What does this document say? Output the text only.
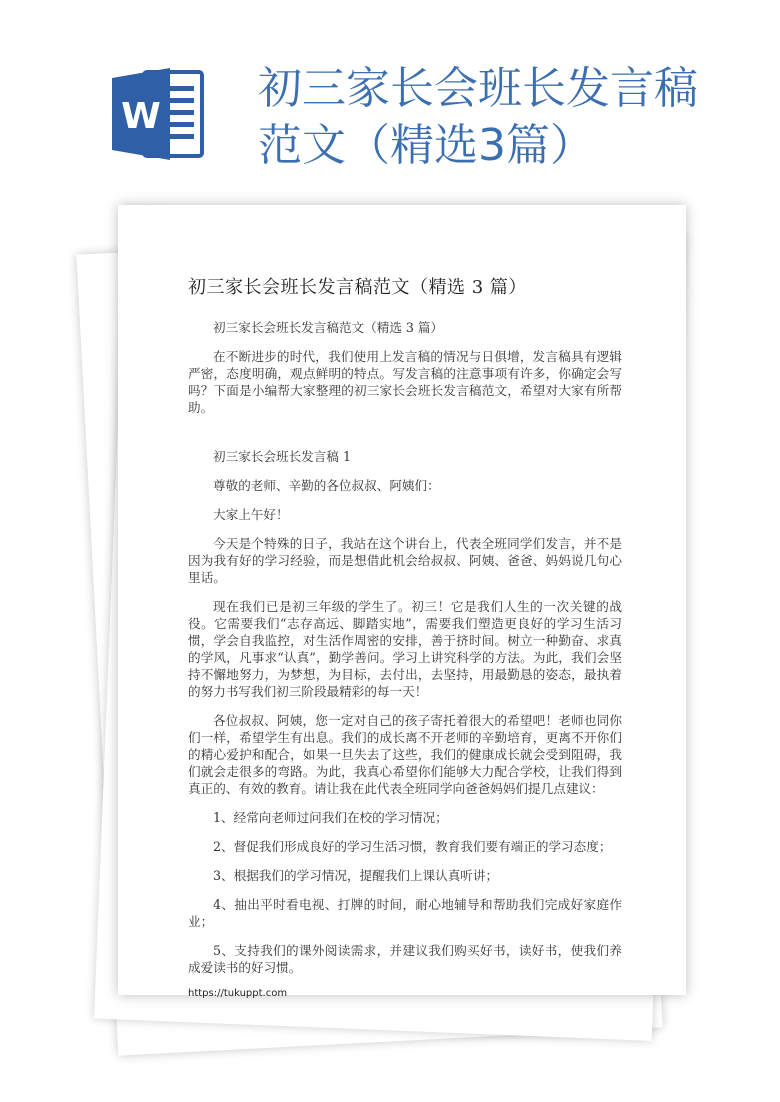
W
初三家长会班长发言稿范文（精选3篇）
初三家长会班长发言稿范文（精选 3 篇）

初三家长会班长发言稿范文（精选 3 篇）

在不断进步的时代，我们使用上发言稿的情况与日俱增，发言稿具有逻辑严密，态度明确，观点鲜明的特点。写发言稿的注意事项有许多，你确定会写吗？下面是小编帮大家整理的初三家长会班长发言稿范文，希望对大家有所帮助。

初三家长会班长发言稿 1

尊敬的老师、辛勤的各位叔叔、阿姨们：

大家上午好！

今天是个特殊的日子，我站在这个讲台上，代表全班同学们发言，并不是因为我有好的学习经验，而是想借此机会给叔叔、阿姨、爸爸、妈妈说几句心里话。

现在我们已是初三年级的学生了。初三！它是我们人生的一次关键的战役。它需要我们“志存高远、脚踏实地”，需要我们塑造更良好的学习生活习惯，学会自我监控，对生活作周密的安排，善于挤时间。树立一种勤奋、求真的学风，凡事求“认真”，勤学善问。学习上讲究科学的方法。为此，我们会坚持不懈地努力，为梦想，为目标，去付出，去坚持，用最勤恳的姿态，最执着的努力书写我们初三阶段最精彩的每一天！

各位叔叔、阿姨，您一定对自己的孩子寄托着很大的希望吧！老师也同你们一样，希望学生有出息。我们的成长离不开老师的辛勤培育，更离不开你们的精心爱护和配合，如果一旦失去了这些，我们的健康成长就会受到阻碍，我们就会走很多的弯路。为此，我真心希望你们能够大力配合学校，让我们得到真正的、有效的教育。请让我在此代表全班同学向爸爸妈妈们提几点建议：

1、经常向老师过问我们在校的学习情况；

2、督促我们形成良好的学习生活习惯，教育我们要有端正的学习态度；

3、根据我们的学习情况，提醒我们上课认真听讲；

4、抽出平时看电视、打牌的时间，耐心地辅导和帮助我们完成好家庭作业；

5、支持我们的课外阅读需求，并建议我们购买好书，读好书，使我们养成爱读书的好习惯。

https://tukuppt.com
